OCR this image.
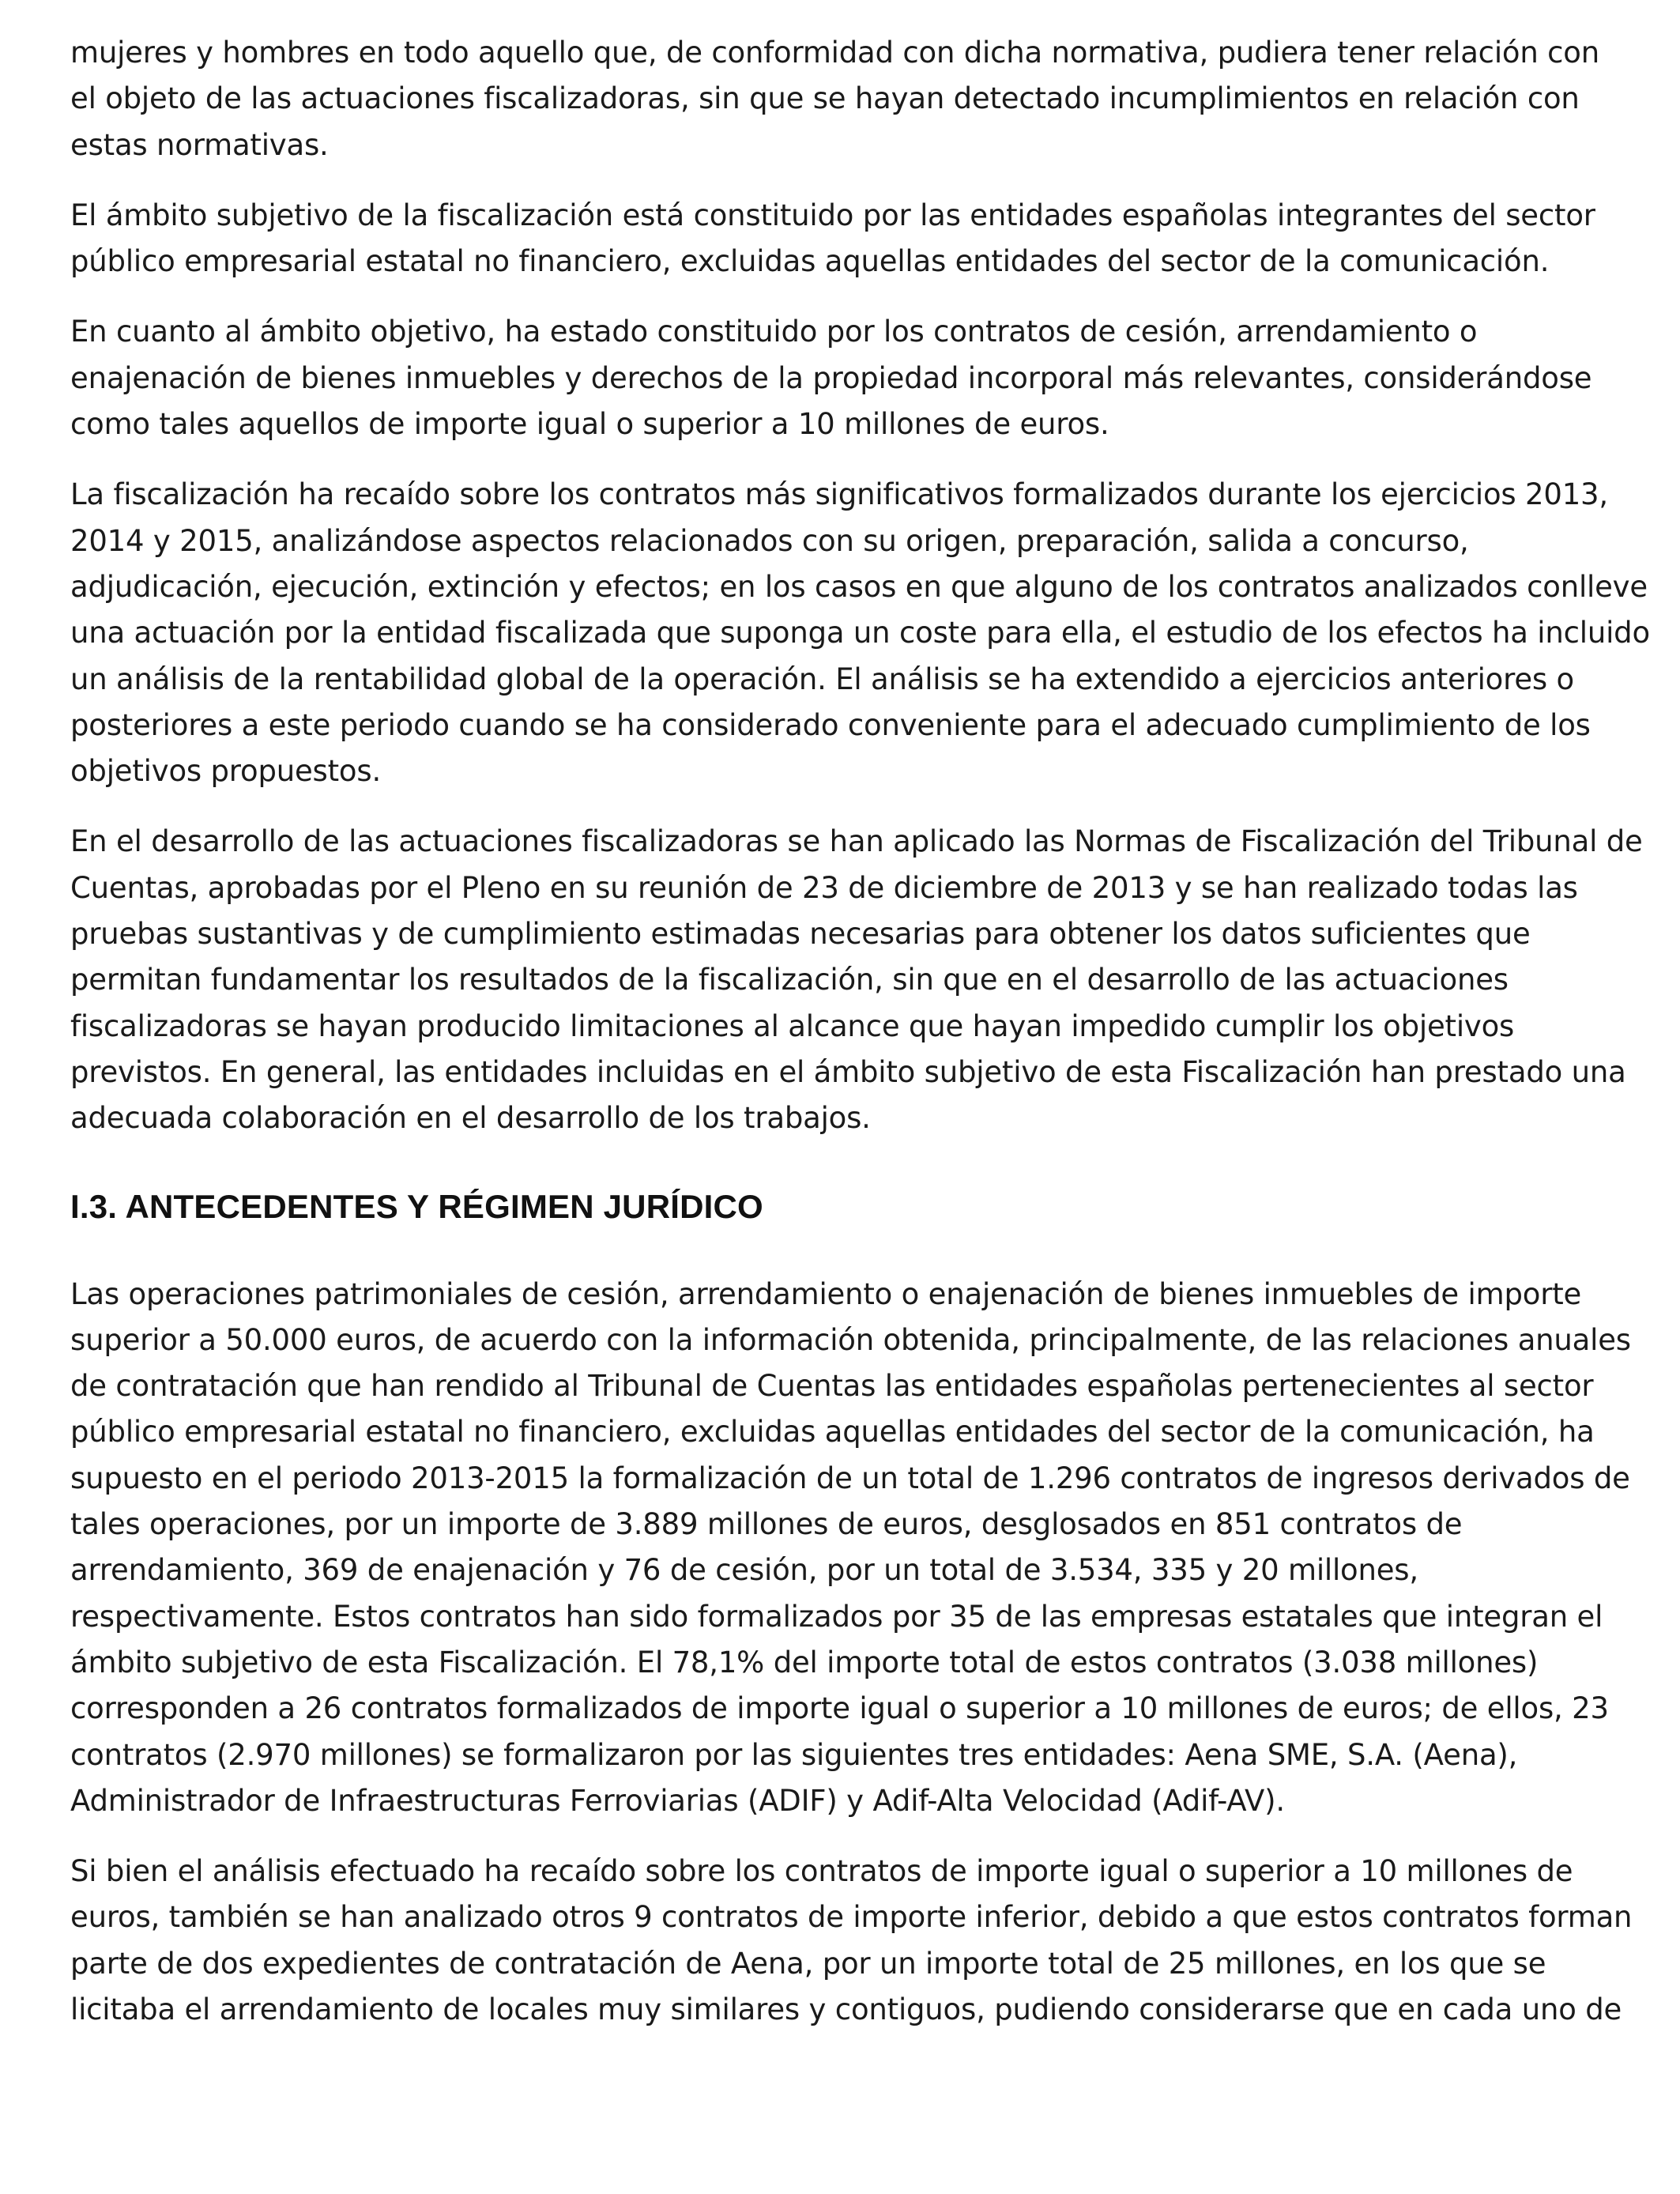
mujeres y hombres en todo aquello que, de conformidad con dicha normativa, pudiera tener relación con
el objeto de las actuaciones fiscalizadoras, sin que se hayan detectado incumplimientos en relación con
estas normativas.
El ámbito subjetivo de la fiscalización está constituido por las entidades españolas integrantes del sector
público empresarial estatal no financiero, excluidas aquellas entidades del sector de la comunicación.
En cuanto al ámbito objetivo, ha estado constituido por los contratos de cesión, arrendamiento o
enajenación de bienes inmuebles y derechos de la propiedad incorporal más relevantes, considerándose
como tales aquellos de importe igual o superior a 10 millones de euros.
La fiscalización ha recaído sobre los contratos más significativos formalizados durante los ejercicios 2013,
2014 y 2015, analizándose aspectos relacionados con su origen, preparación, salida a concurso,
adjudicación, ejecución, extinción y efectos; en los casos en que alguno de los contratos analizados conlleve
una actuación por la entidad fiscalizada que suponga un coste para ella, el estudio de los efectos ha incluido
un análisis de la rentabilidad global de la operación. El análisis se ha extendido a ejercicios anteriores o
posteriores a este periodo cuando se ha considerado conveniente para el adecuado cumplimiento de los
objetivos propuestos.
En el desarrollo de las actuaciones fiscalizadoras se han aplicado las Normas de Fiscalización del Tribunal de
Cuentas, aprobadas por el Pleno en su reunión de 23 de diciembre de 2013 y se han realizado todas las
pruebas sustantivas y de cumplimiento estimadas necesarias para obtener los datos suficientes que
permitan fundamentar los resultados de la fiscalización, sin que en el desarrollo de las actuaciones
fiscalizadoras se hayan producido limitaciones al alcance que hayan impedido cumplir los objetivos
previstos. En general, las entidades incluidas en el ámbito subjetivo de esta Fiscalización han prestado una
adecuada colaboración en el desarrollo de los trabajos.
I.3. ANTECEDENTES Y RÉGIMEN JURÍDICO
Las operaciones patrimoniales de cesión, arrendamiento o enajenación de bienes inmuebles de importe
superior a 50.000 euros, de acuerdo con la información obtenida, principalmente, de las relaciones anuales
de contratación que han rendido al Tribunal de Cuentas las entidades españolas pertenecientes al sector
público empresarial estatal no financiero, excluidas aquellas entidades del sector de la comunicación, ha
supuesto en el periodo 2013-2015 la formalización de un total de 1.296 contratos de ingresos derivados de
tales operaciones, por un importe de 3.889 millones de euros, desglosados en 851 contratos de
arrendamiento, 369 de enajenación y 76 de cesión, por un total de 3.534, 335 y 20 millones,
respectivamente. Estos contratos han sido formalizados por 35 de las empresas estatales que integran el
ámbito subjetivo de esta Fiscalización. El 78,1% del importe total de estos contratos (3.038 millones)
corresponden a 26 contratos formalizados de importe igual o superior a 10 millones de euros; de ellos, 23
contratos (2.970 millones) se formalizaron por las siguientes tres entidades: Aena SME, S.A. (Aena),
Administrador de Infraestructuras Ferroviarias (ADIF) y Adif-Alta Velocidad (Adif-AV).
Si bien el análisis efectuado ha recaído sobre los contratos de importe igual o superior a 10 millones de
euros, también se han analizado otros 9 contratos de importe inferior, debido a que estos contratos forman
parte de dos expedientes de contratación de Aena, por un importe total de 25 millones, en los que se
licitaba el arrendamiento de locales muy similares y contiguos, pudiendo considerarse que en cada uno de
